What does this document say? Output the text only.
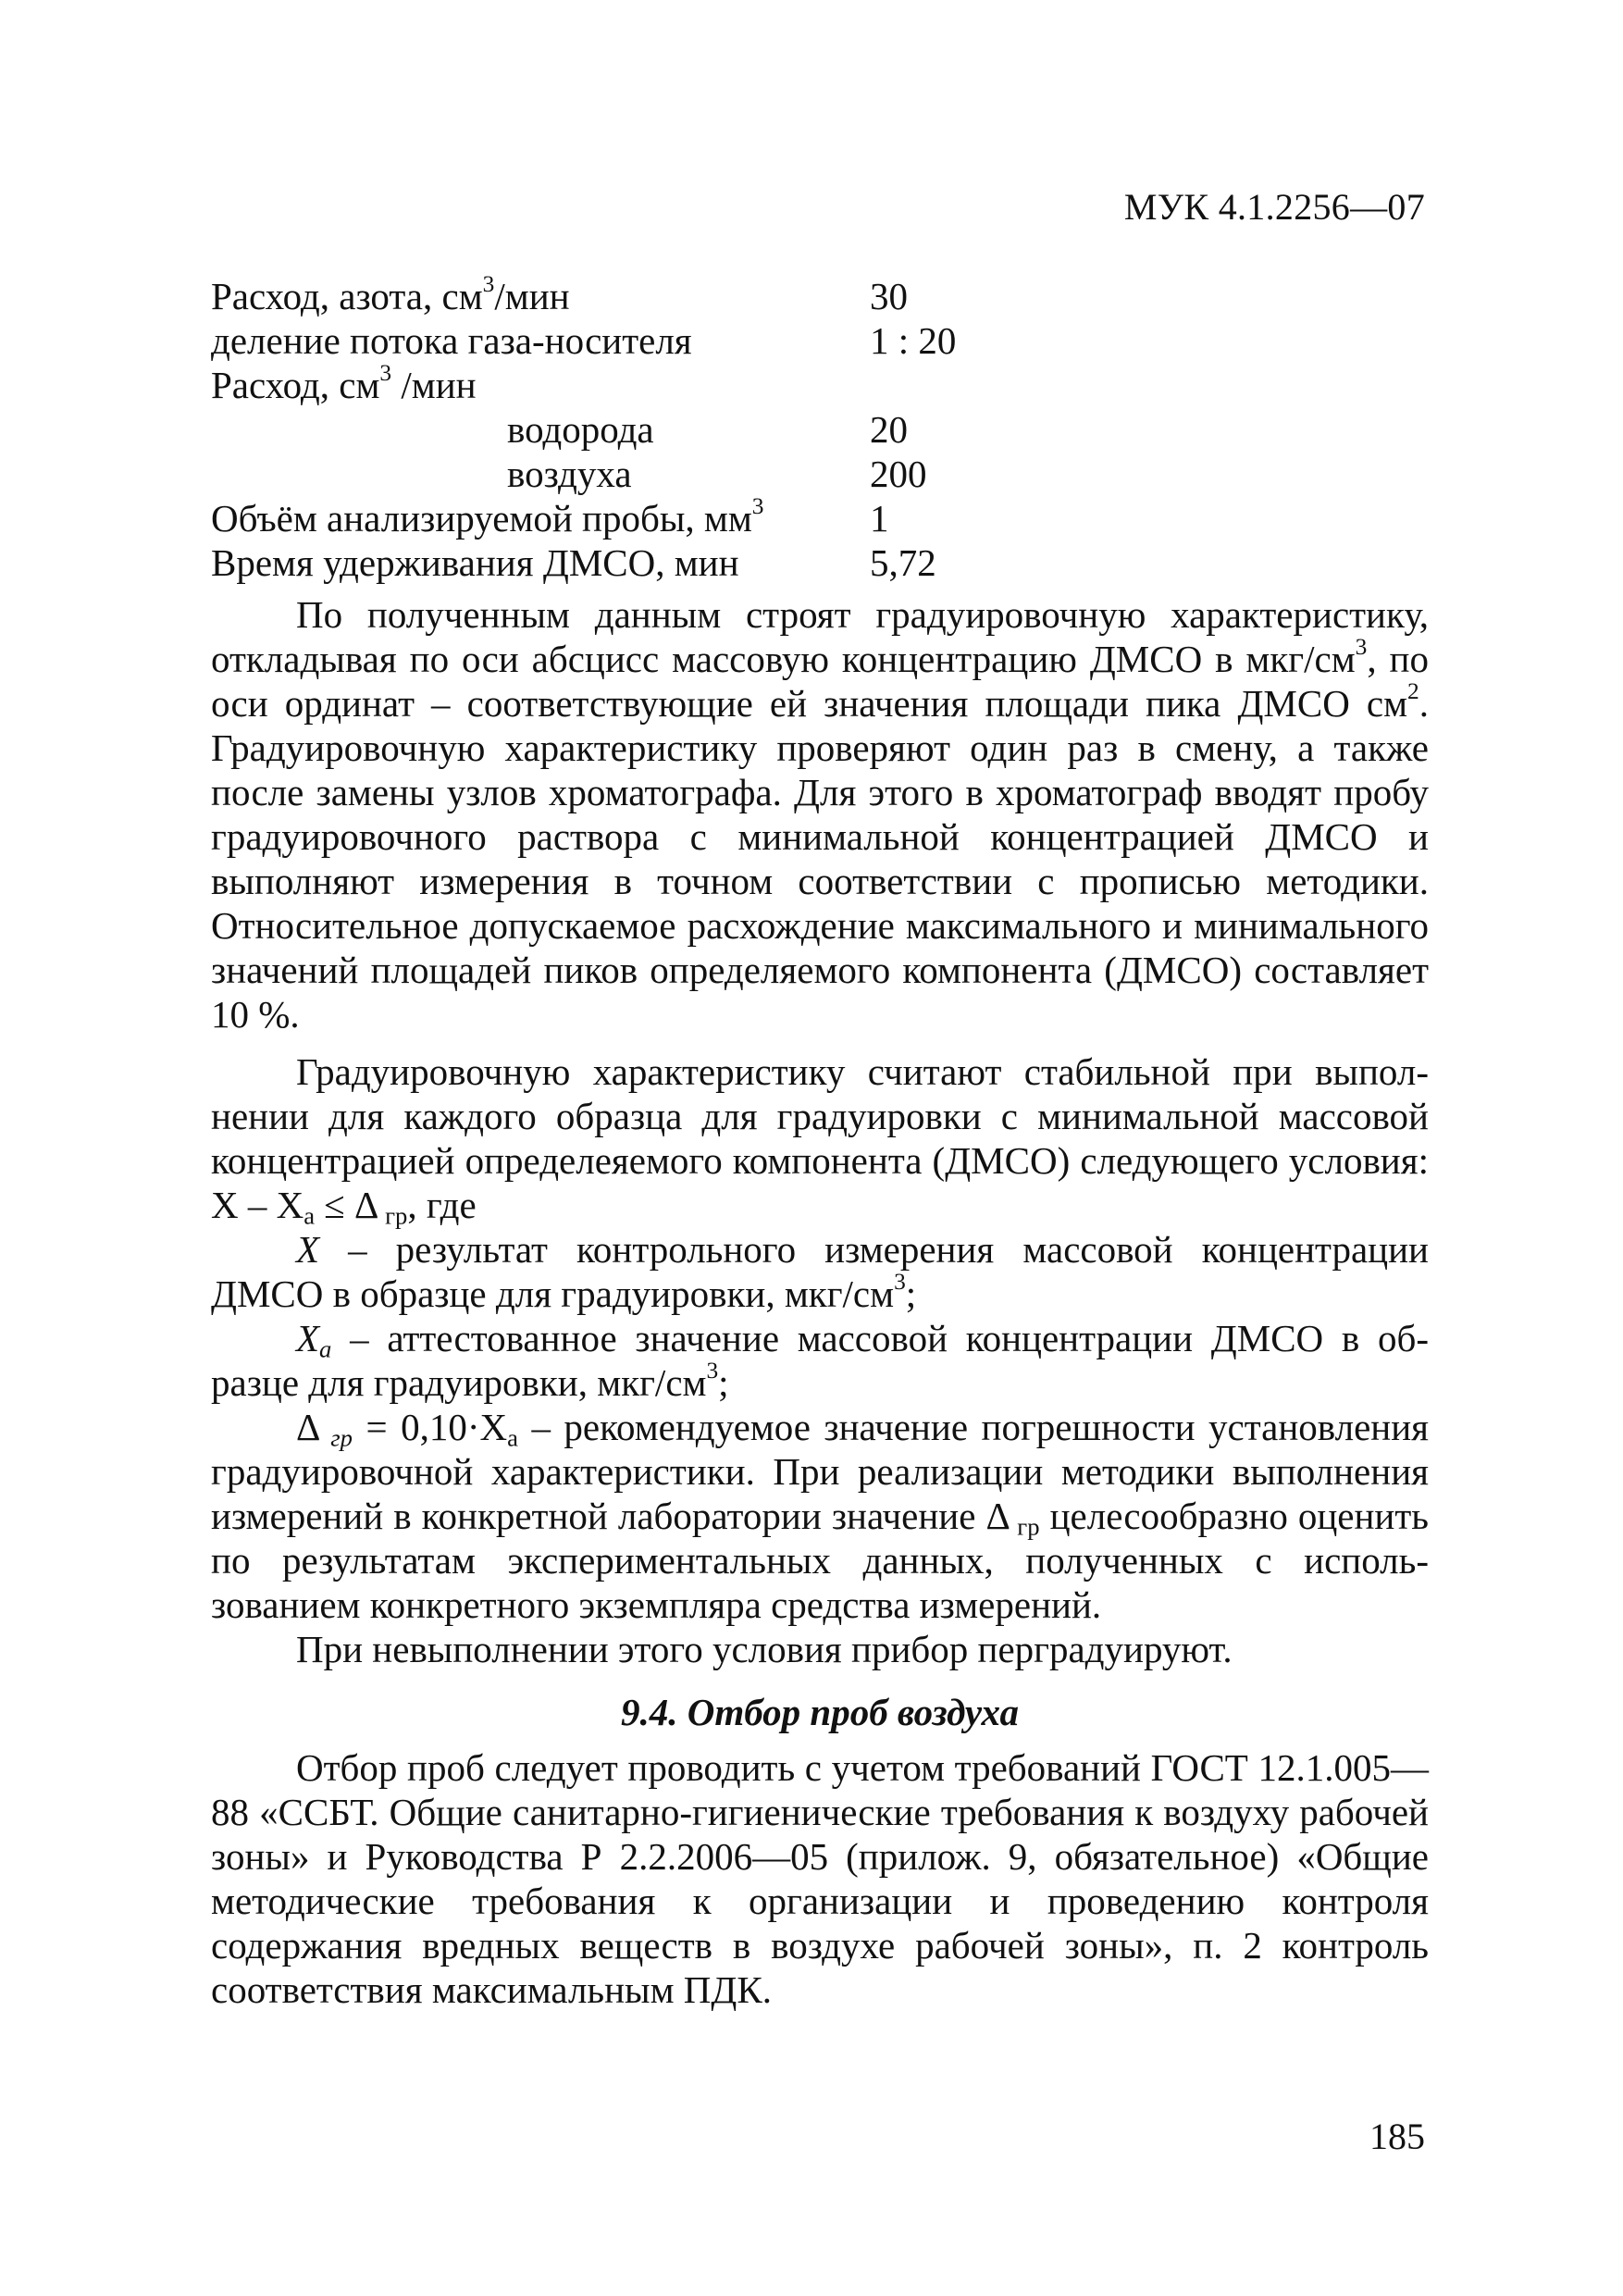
МУК 4.1.2256—07
Расход, азота, $см^3$/мин	30
деление потока газа-носителя	1 : 20
Расход, $см^3$ /мин
водорода	20
воздуха	200
Объём анализируемой пробы, $мм^3$	1
Время удерживания ДМСО, мин	5,72

По полученным данным строят градуировочную характеристику, откладывая по оси абсцисс массовую концентрацию ДМСО в мкг/$см^3$, по оси ординат – соответствующие ей значения площади пика ДМСО $см^2$. Градуировочную характеристику проверяют один раз в смену, а также после замены узлов хроматографа. Для этого в хроматограф вводят пробу градуировочного раствора с минимальной концентрацией ДМСО и выполняют измерения в точном соответствии с прописью методики. Относительное допускаемое расхождение максимального и минимального значений площадей пиков определяемого компонента (ДМСО) составляет 10 %.

Градуировочную характеристику считают стабильной при выполнении для каждого образца для градуировки с минимальной массовой концентрацией определеяемого компонента (ДМСО) следующего условия: $X - X_a \le \Delta$ $_{гр}$, где

X – результат контрольного измерения массовой концентрации ДМСО в образце для градуировки, мкг/$см^3$;

$X_a$ – аттестованное значение массовой концентрации ДМСО в образце для градуировки, мкг/$см^3$;

Δ $_{гр} = 0,10\cdot X_a$ – рекомендуемое значение погрешности установления градуировочной характеристики. При реализации методики выполнения измерений в конкретной лаборатории значение Δ $_{гр}$ целесообразно оценить по результатам экспериментальных данных, полученных с использованием конкретного экземпляра средства измерений.

При невыполнении этого условия прибор перградуируют.

9.4. Отбор проб воздуха

Отбор проб следует проводить с учетом требований ГОСТ 12.1.005—88 «ССБТ. Общие санитарно-гигиенические требования к воздуху рабочей зоны» и Руководства Р 2.2.2006—05 (прилож. 9, обязательное) «Общие методические требования к организации и проведению контроля содержания вредных веществ в воздухе рабочей зоны», п. 2 контроль соответствия максимальным ПДК.

185
